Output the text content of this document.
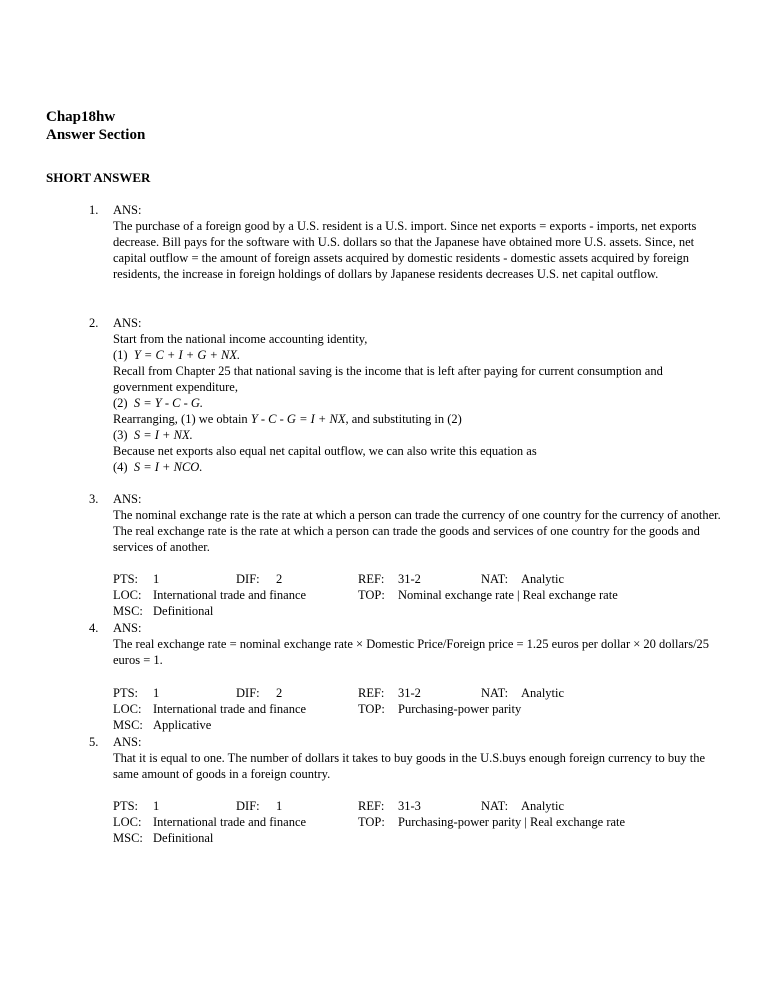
Chap18hw
Answer Section
SHORT ANSWER
1. ANS:

The purchase of a foreign good by a U.S. resident is a U.S. import. Since net exports = exports - imports, net exports decrease. Bill pays for the software with U.S. dollars so that the Japanese have obtained more U.S. assets. Since, net capital outflow = the amount of foreign assets acquired by domestic residents - domestic assets acquired by foreign residents, the increase in foreign holdings of dollars by Japanese residents decreases U.S. net capital outflow.

2. ANS:

Start from the national income accounting identity,

(1)  Y = C + I + G + NX.

Recall from Chapter 25 that national saving is the income that is left after paying for current consumption and government expenditure,

(2)  S = Y - C - G.

Rearranging, (1) we obtain Y - C - G = I + NX, and substituting in (2)

(3)  S = I + NX.

Because net exports also equal net capital outflow, we can also write this equation as

(4)  S = I + NCO.

3. ANS:

The nominal exchange rate is the rate at which a person can trade the currency of one country for the currency of another. The real exchange rate is the rate at which a person can trade the goods and services of one country for the goods and services of another.

PTS: 1	DIF: 2	REF: 31-2	NAT: Analytic
LOC: International trade and finance	TOP: Nominal exchange rate | Real exchange rate
MSC: Definitional
4. ANS:

The real exchange rate = nominal exchange rate × Domestic Price/Foreign price = 1.25 euros per dollar × 20 dollars/25 euros = 1.

PTS: 1	DIF: 2	REF: 31-2	NAT: Analytic
LOC: International trade and finance	TOP: Purchasing-power parity
MSC: Applicative
5. ANS:

That it is equal to one. The number of dollars it takes to buy goods in the U.S.buys enough foreign currency to buy the same amount of goods in a foreign country.

PTS: 1	DIF: 1	REF: 31-3	NAT: Analytic
LOC: International trade and finance	TOP: Purchasing-power parity | Real exchange rate
MSC: Definitional
